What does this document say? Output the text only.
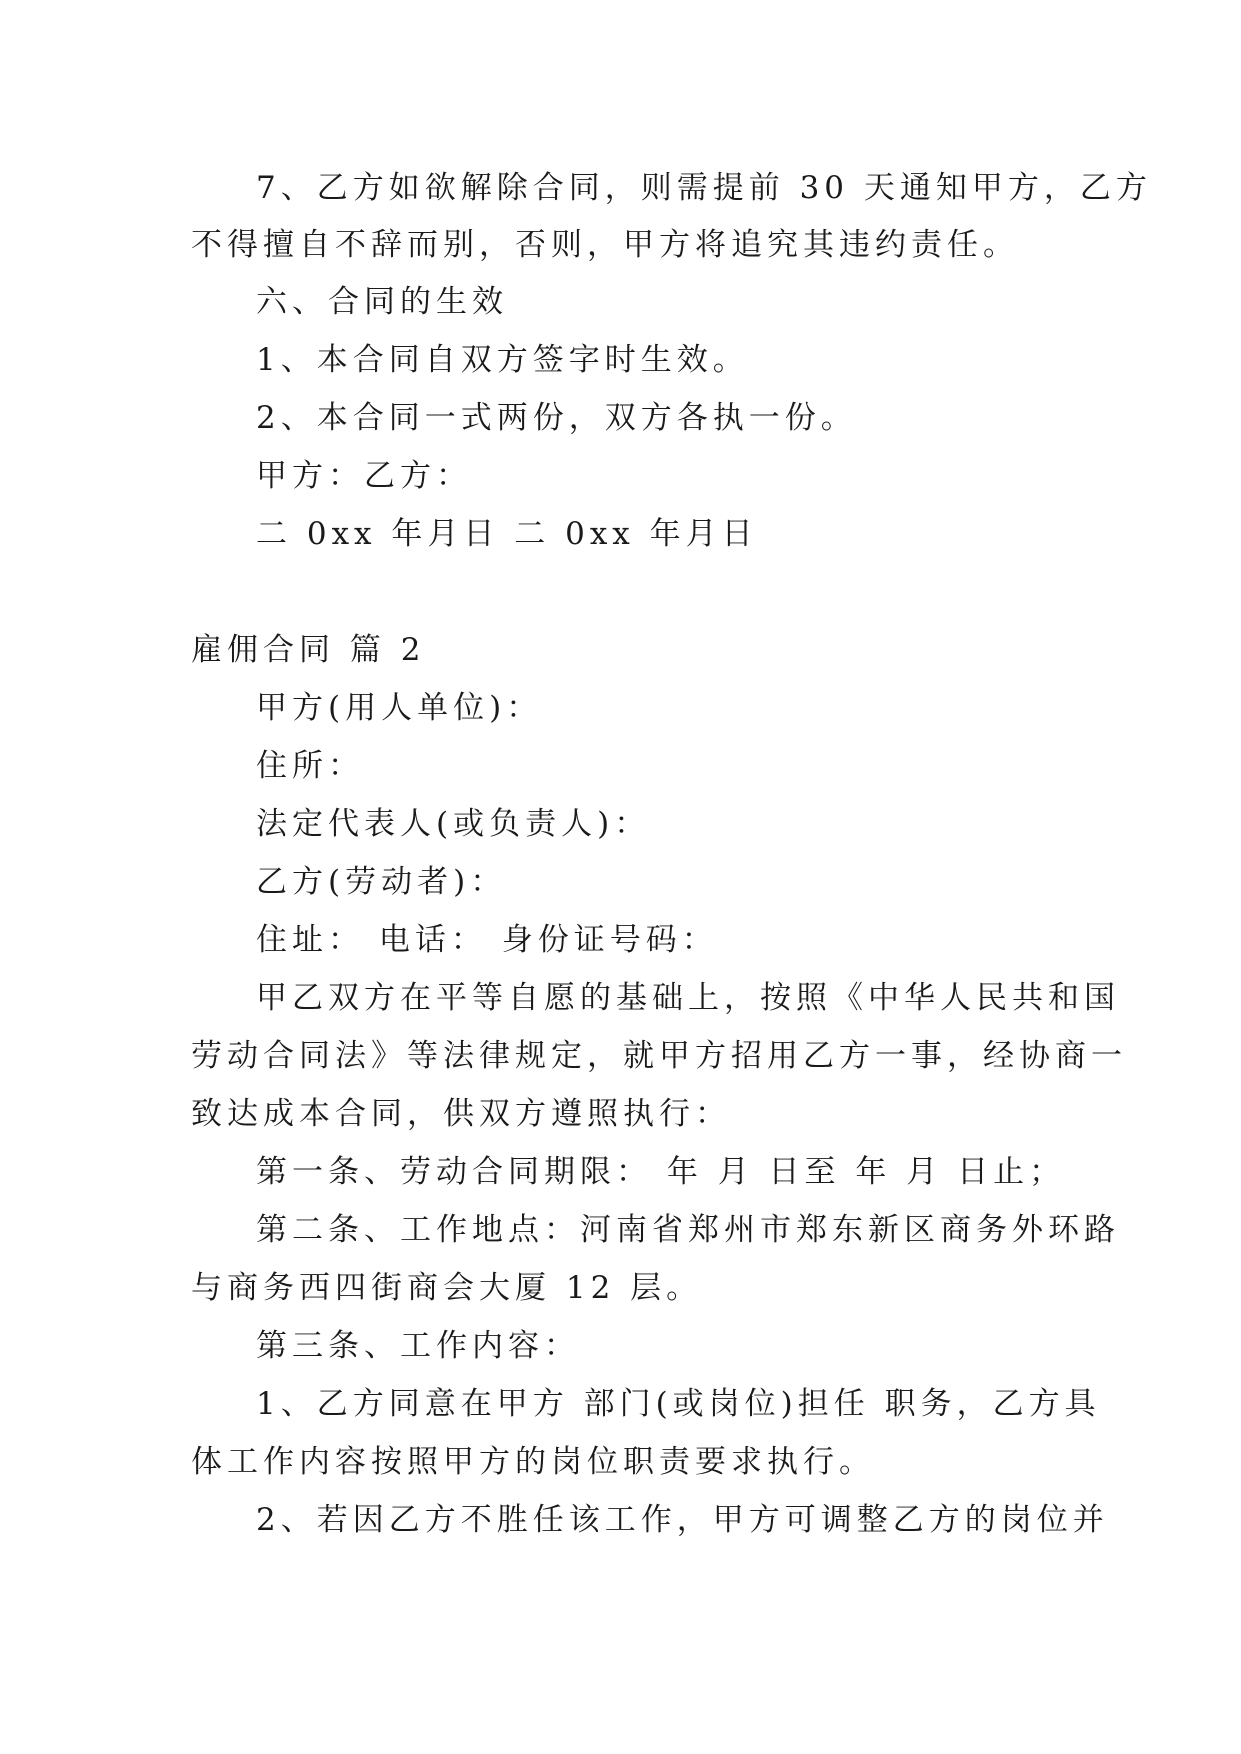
7、乙方如欲解除合同，则需提前 30 天通知甲方，乙方
不得擅自不辞而别，否则，甲方将追究其违约责任。
六、合同的生效
1、本合同自双方签字时生效。
2、本合同一式两份，双方各执一份。
甲方：乙方：
二 0xx 年月日 二 0xx 年月日
雇佣合同 篇 2
甲方(用人单位)：
住所：
法定代表人(或负责人)：
乙方(劳动者)：
住址： 电话： 身份证号码：
甲乙双方在平等自愿的基础上，按照《中华人民共和国
劳动合同法》等法律规定，就甲方招用乙方一事，经协商一
致达成本合同，供双方遵照执行：
第一条、劳动合同期限： 年 月 日至 年 月 日止；
第二条、工作地点：河南省郑州市郑东新区商务外环路
与商务西四街商会大厦 12 层。
第三条、工作内容：
1、乙方同意在甲方 部门(或岗位)担任 职务，乙方具
体工作内容按照甲方的岗位职责要求执行。
2、若因乙方不胜任该工作，甲方可调整乙方的岗位并
